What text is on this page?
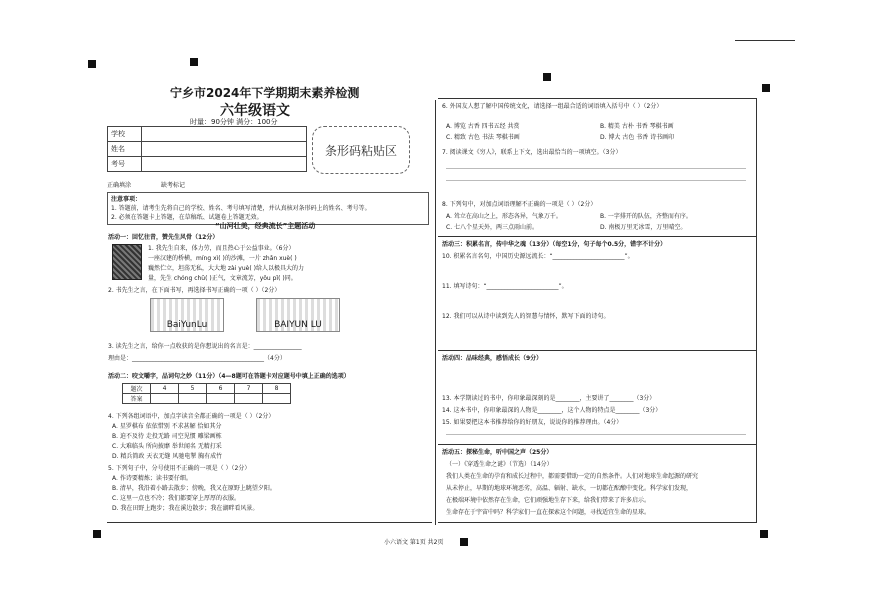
宁乡市2024年下学期期末素养检测
六年级语文
时量：90分钟 满分：100分
学校	
姓名	
考号	
条形码粘贴区
正确填涂	缺考标记
注意事项：
1. 答题前，请考生先将自己的学校、姓名、考号填写清楚，并认真核对条形码上的姓名、考号等。
2. 必须在答题卡上答题，在草稿纸、试题卷上答题无效。
“山河壮美，经典流长”主题活动
活动一：回忆往昔，赞先生风骨（12分）
1. 我先生自来，体力劳，而且热心于公益事业。（6分）
一座汉建的桥横，míng xì( )的沙滩，一片 zhǎn xuè( )
巍然伫立，坦荡无私，大大地 zài yuè( )给人以极具大的力
量，先生 chóng chū( )正气，文章流芳，yǒu pǐ( )同。
2. 书先生之言，在下面书写，再选择书写正确的一项（ ）（2分）
BaiYunLu	BAIYUN LU
3. 读先生之言，给你一点收获的是你想说出的名言是：________________
理由是：____________________________________________（4分）
活动二：咬文嚼字，品词句之妙（11分）（4—8题可在答题卡对应题号中填上正确的选项）
题次	4	5	6	7	8
答案					
4. 下列各组词语中，加点字读音全都正确的一项是（ ）（2分）
A. 星罗棋布 依依惜别 不求甚解 恰如其分
B. 迫不及待 走投无路 司空见惯 雕梁画栋
C. 大难临头 所向披靡 举世闻名 无精打采
D. 精兵简政 天衣无缝 风驰电掣 胸有成竹
5. 下列句子中，分号使用不正确的一项是（ ）（2分）
A. 作诗要精炼；读书要仔细。
B. 清早，我沿着小路去散步；傍晚，我又在原野上眺望夕阳。
C. 这里一点也不冷；我们都要穿上厚厚的衣服。
D. 我在田野上跑步；我在溪边散步；我在湖畔看风景。
6. 外国友人想了解中国传统文化，请选择一组最合适的词语填入括号中（ ）（2分）
A. 博览 古香 四书五经 共赏	B. 精美 古朴 书香 琴棋书画
C. 精致 古色 书法 琴棋书画	D. 博大 古色 书香 诗书画印
7. 阅读课文《穷人》，联系上下文，选出最恰当的一项填空。（3分）
8. 下列句中，对加点词语理解不正确的一项是（ ）（2分）
A. 耸立在高山之上，形态各异，气象万千。	B. 一字排开的队伍，齐整而有序。
C. 七八个星天外，两三点雨山前。	D. 南极万里无冰雪，万里晴空。
活动三：积累名言，传中华之魂（13分）（每空1分，句子每个0.5分，错字不计分）
10. 积累名言名句，中国历史源远流长：“________________________”。
11. 填写诗句：“________________________”。
12. 我们可以从诗中读到先人的智慧与情怀，默写下面的诗句。
活动四：品味经典，感悟成长（9分）
13. 本学期读过的书中，你印象最深刻的是________，主要讲了________（3分）
14. 这本书中，你印象最深的人物是________，这个人物的特点是________（3分）
15. 如果要把这本书推荐给你的好朋友，说说你的推荐理由。（4分）
活动五：探秘生命，听中国之声（25分）
（一）《穿透生命之谜》（节选）（14分）
我们人类在生命的孕育和成长过程中，都需要借助一定的自然条件。人们对地球生命起源的研究
从未停止，早期的地球环境恶劣，高温、辐射、缺水，一切都在酝酿中变化。科学家们发现，
在极端环境中依然存在生命，它们顽强地生存下来，给我们带来了许多启示。
生命存在于宇宙中吗？科学家们一直在探索这个问题，寻找适宜生命的星球。
小六语文 第1页 共2页
